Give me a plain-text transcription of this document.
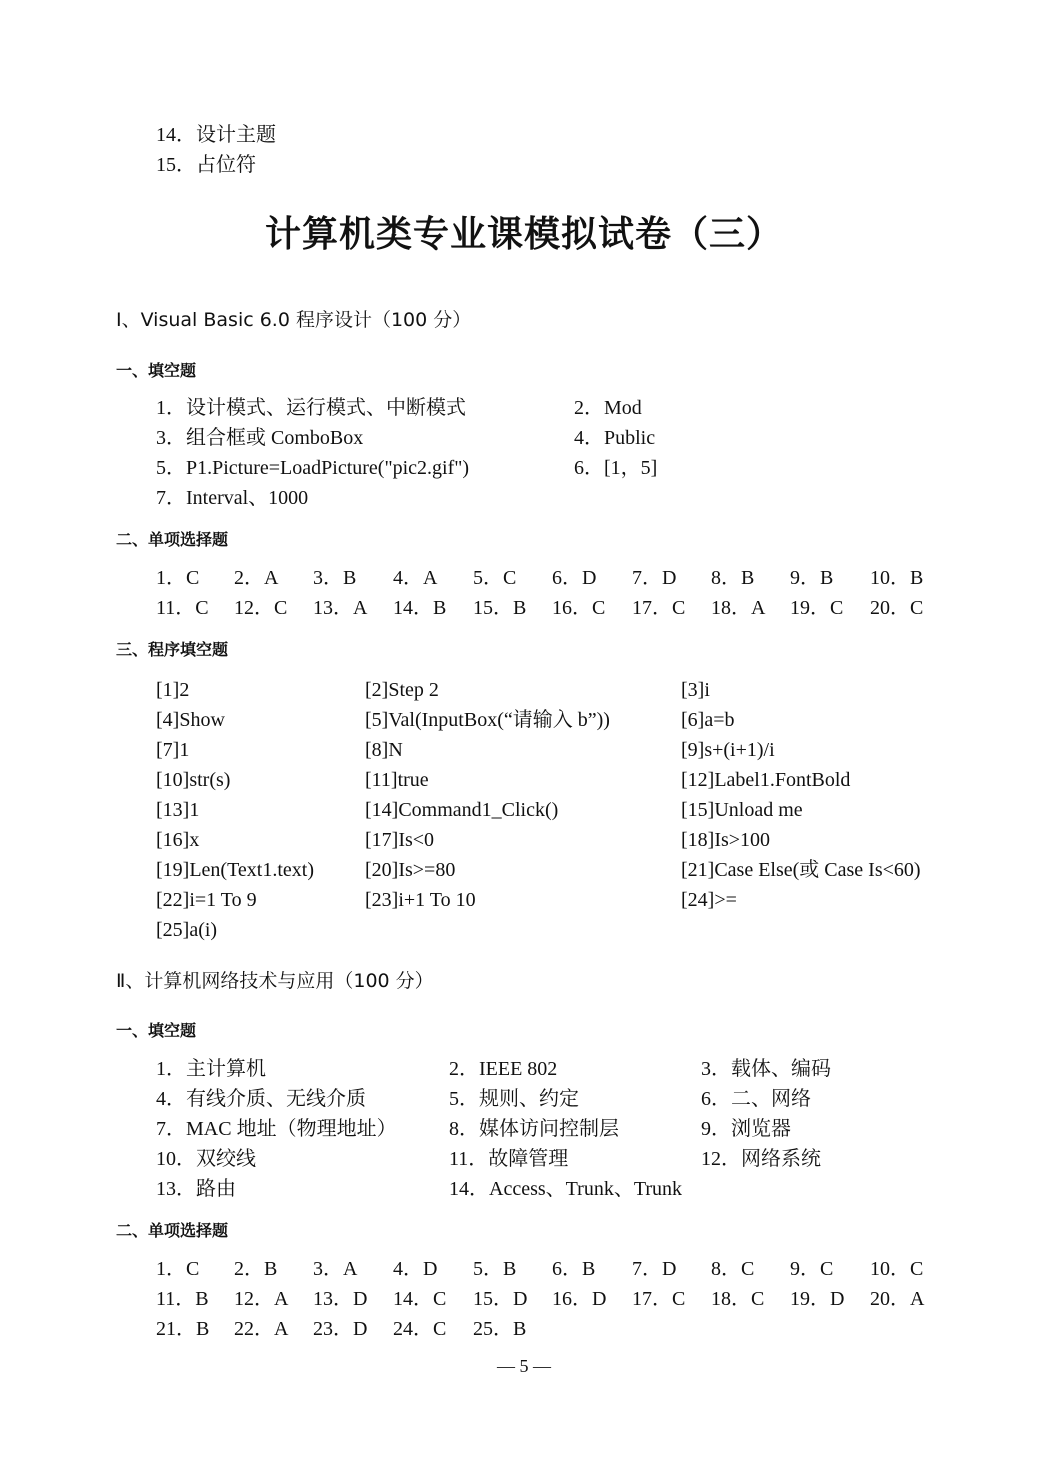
14．设计主题
15．占位符
计算机类专业课模拟试卷（三）
Ⅰ、Visual Basic 6.0 程序设计（100 分）
一、填空题
1．设计模式、运行模式、中断模式	2．Mod
3．组合框或 ComboBox	4．Public
5．P1.Picture=LoadPicture("pic2.gif")	6．[1，5]
7．Interval、1000
二、单项选择题
1．C 2．A 3．B 4．A 5．C 6．D 7．D 8．B 9．B 10．B
11．C 12．C 13．A 14．B 15．B 16．C 17．C 18．A 19．C 20．C
三、程序填空题
[1]2	[2]Step 2	[3]i
[4]Show	[5]Val(InputBox(“请输入 b”))	[6]a=b
[7]1	[8]N	[9]s+(i+1)/i
[10]str(s)	[11]true	[12]Label1.FontBold
[13]1	[14]Command1_Click()	[15]Unload me
[16]x	[17]Is<0	[18]Is>100
[19]Len(Text1.text)	[20]Is>=80	[21]Case Else(或 Case Is<60)
[22]i=1 To 9	[23]i+1 To 10	[24]>=
[25]a(i)
Ⅱ、计算机网络技术与应用（100 分）
一、填空题
1．主计算机	2．IEEE 802	3．载体、编码
4．有线介质、无线介质	5．规则、约定	6．二、网络
7．MAC 地址（物理地址）	8．媒体访问控制层	9．浏览器
10．双绞线	11．故障管理	12．网络系统
13．路由	14．Access、Trunk、Trunk
二、单项选择题
1．C 2．B 3．A 4．D 5．B 6．B 7．D 8．C 9．C 10．C
11．B 12．A 13．D 14．C 15．D 16．D 17．C 18．C 19．D 20．A
21．B 22．A 23．D 24．C 25．B
— 5 —
